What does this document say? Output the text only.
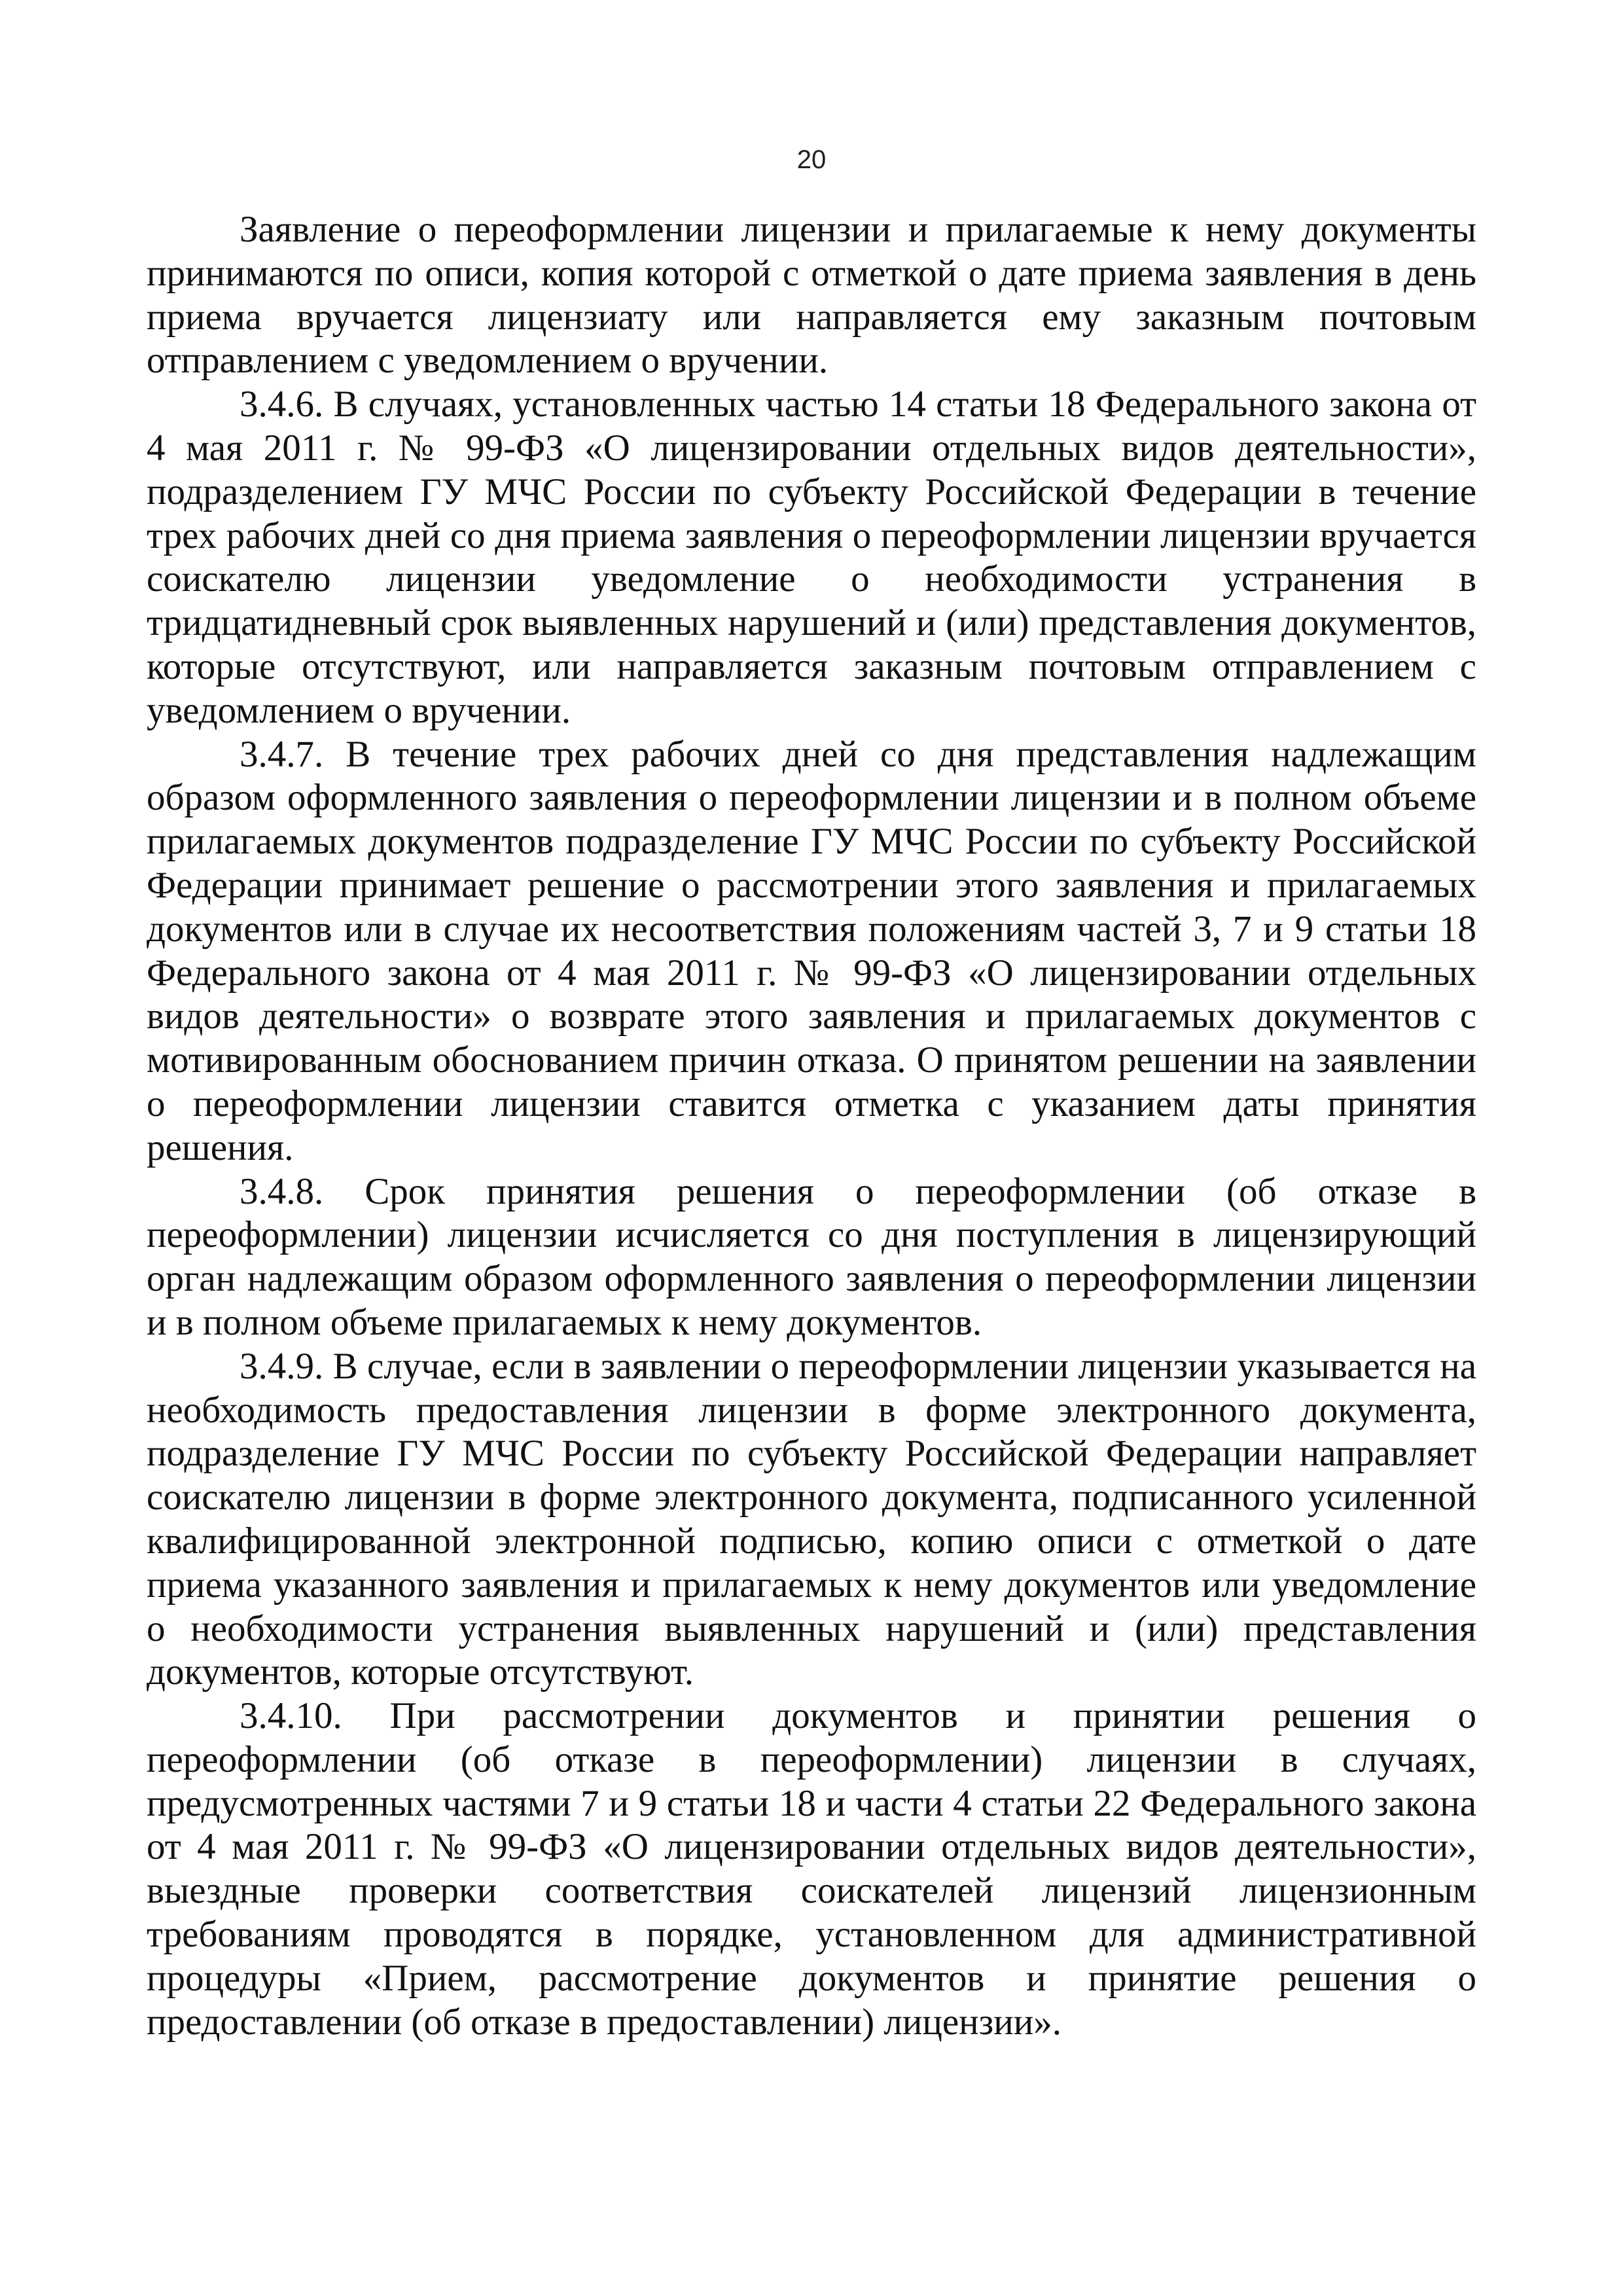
20

Заявление о переоформлении лицензии и прилагаемые к нему документы принимаются по описи, копия которой с отметкой о дате приема заявления в день приема вручается лицензиату или направляется ему заказным почтовым отправлением с уведомлением о вручении.

3.4.6. В случаях, установленных частью 14 статьи 18 Федерального закона от 4 мая 2011 г. № 99-ФЗ «О лицензировании отдельных видов деятельности», подразделением ГУ МЧС России по субъекту Российской Федерации в течение трех рабочих дней со дня приема заявления о переоформлении лицензии вручается соискателю лицензии уведомление о необходимости устранения в тридцатидневный срок выявленных нарушений и (или) представления документов, которые отсутствуют, или направляется заказным почтовым отправлением с уведомлением о вручении.

3.4.7. В течение трех рабочих дней со дня представления надлежащим образом оформленного заявления о переоформлении лицензии и в полном объеме прилагаемых документов подразделение ГУ МЧС России по субъекту Российской Федерации принимает решение о рассмотрении этого заявления и прилагаемых документов или в случае их несоответствия положениям частей 3, 7 и 9 статьи 18 Федерального закона от 4 мая 2011 г. № 99-ФЗ «О лицензировании отдельных видов деятельности» о возврате этого заявления и прилагаемых документов с мотивированным обоснованием причин отказа. О принятом решении на заявлении о переоформлении лицензии ставится отметка с указанием даты принятия решения.

3.4.8. Срок принятия решения о переоформлении (об отказе в переоформлении) лицензии исчисляется со дня поступления в лицензирующий орган надлежащим образом оформленного заявления о переоформлении лицензии и в полном объеме прилагаемых к нему документов.

3.4.9. В случае, если в заявлении о переоформлении лицензии указывается на необходимость предоставления лицензии в форме электронного документа, подразделение ГУ МЧС России по субъекту Российской Федерации направляет соискателю лицензии в форме электронного документа, подписанного усиленной квалифицированной электронной подписью, копию описи с отметкой о дате приема указанного заявления и прилагаемых к нему документов или уведомление о необходимости устранения выявленных нарушений и (или) представления документов, которые отсутствуют.

3.4.10. При рассмотрении документов и принятии решения о переоформлении (об отказе в переоформлении) лицензии в случаях, предусмотренных частями 7 и 9 статьи 18 и части 4 статьи 22 Федерального закона от 4 мая 2011 г. № 99-ФЗ «О лицензировании отдельных видов деятельности», выездные проверки соответствия соискателей лицензий лицензионным требованиям проводятся в порядке, установленном для административной процедуры «Прием, рассмотрение документов и принятие решения о предоставлении (об отказе в предоставлении) лицензии».
